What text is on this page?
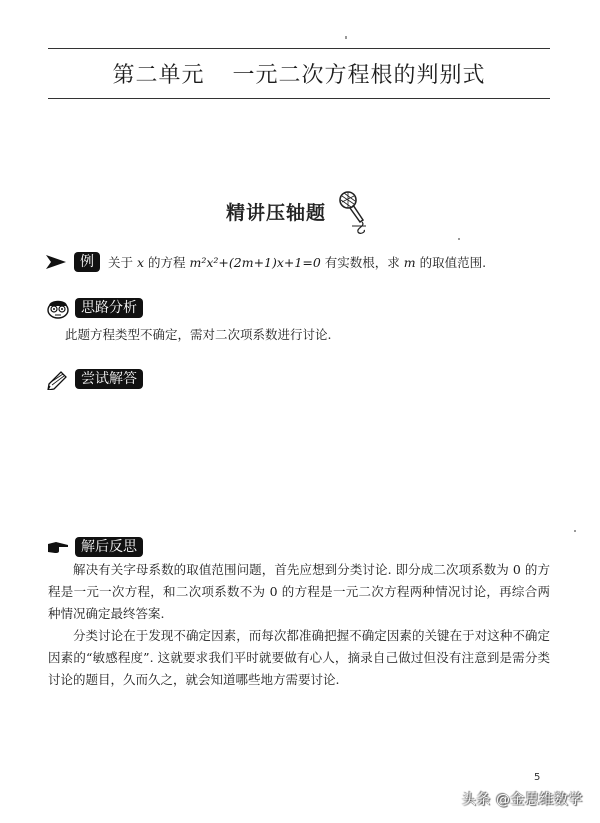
第二单元 一元二次方程根的判别式
精讲压轴题
例	关于 x 的方程 m²x²+(2m+1)x+1=0 有实数根，求 m 的取值范围.
思路分析
此题方程类型不确定，需对二次项系数进行讨论.
尝试解答
解后反思
解决有关字母系数的取值范围问题，首先应想到分类讨论. 即分成二次项系数为 0 的方程是一元一次方程，和二次项系数不为 0 的方程是一元二次方程两种情况讨论，再综合两种情况确定最终答案.
分类讨论在于发现不确定因素，而每次都准确把握不确定因素的关键在于对这种不确定因素的“敏感程度”. 这就要求我们平时就要做有心人，摘录自己做过但没有注意到是需分类讨论的题目，久而久之，就会知道哪些地方需要讨论.
5
头条 @金思维数学
